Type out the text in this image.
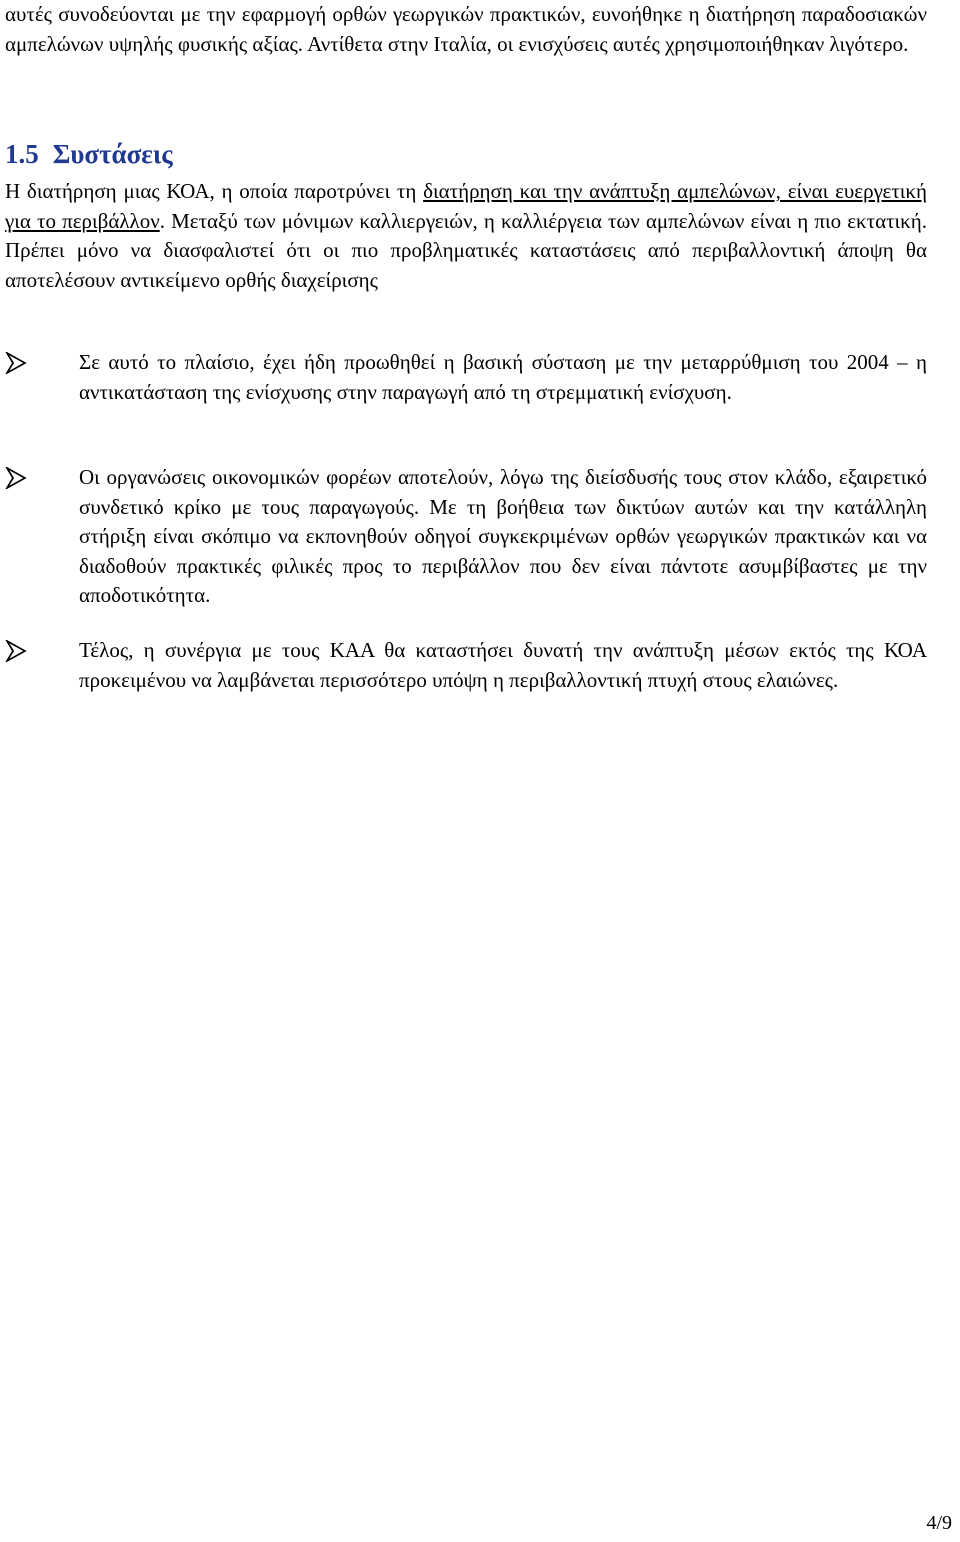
αυτές συνοδεύονται με την εφαρμογή ορθών γεωργικών πρακτικών, ευνοήθηκε η διατήρηση παραδοσιακών αμπελώνων υψηλής φυσικής αξίας. Αντίθετα στην Ιταλία, οι ενισχύσεις αυτές χρησιμοποιήθηκαν λιγότερο.

1.5 Συστάσεις

Η διατήρηση μιας ΚΟΑ, η οποία παροτρύνει τη διατήρηση και την ανάπτυξη αμπελώνων, είναι ευεργετική για το περιβάλλον. Μεταξύ των μόνιμων καλλιεργειών, η καλλιέργεια των αμπελώνων είναι η πιο εκτατική. Πρέπει μόνο να διασφαλιστεί ότι οι πιο προβληματικές καταστάσεις από περιβαλλοντική άποψη θα αποτελέσουν αντικείμενο ορθής διαχείρισης

Σε αυτό το πλαίσιο, έχει ήδη προωθηθεί η βασική σύσταση με την μεταρρύθμιση του 2004 – η αντικατάσταση της ενίσχυσης στην παραγωγή από τη στρεμματική ενίσχυση.
Οι οργανώσεις οικονομικών φορέων αποτελούν, λόγω της διείσδυσής τους στον κλάδο, εξαιρετικό συνδετικό κρίκο με τους παραγωγούς. Με τη βοήθεια των δικτύων αυτών και την κατάλληλη στήριξη είναι σκόπιμο να εκπονηθούν οδηγοί συγκεκριμένων ορθών γεωργικών πρακτικών και να διαδοθούν πρακτικές φιλικές προς το περιβάλλον που δεν είναι πάντοτε ασυμβίβαστες με την αποδοτικότητα.
Τέλος, η συνέργια με τους ΚΑΑ θα καταστήσει δυνατή την ανάπτυξη μέσων εκτός της ΚΟΑ προκειμένου να λαμβάνεται περισσότερο υπόψη η περιβαλλοντική πτυχή στους ελαιώνες.
4/9
